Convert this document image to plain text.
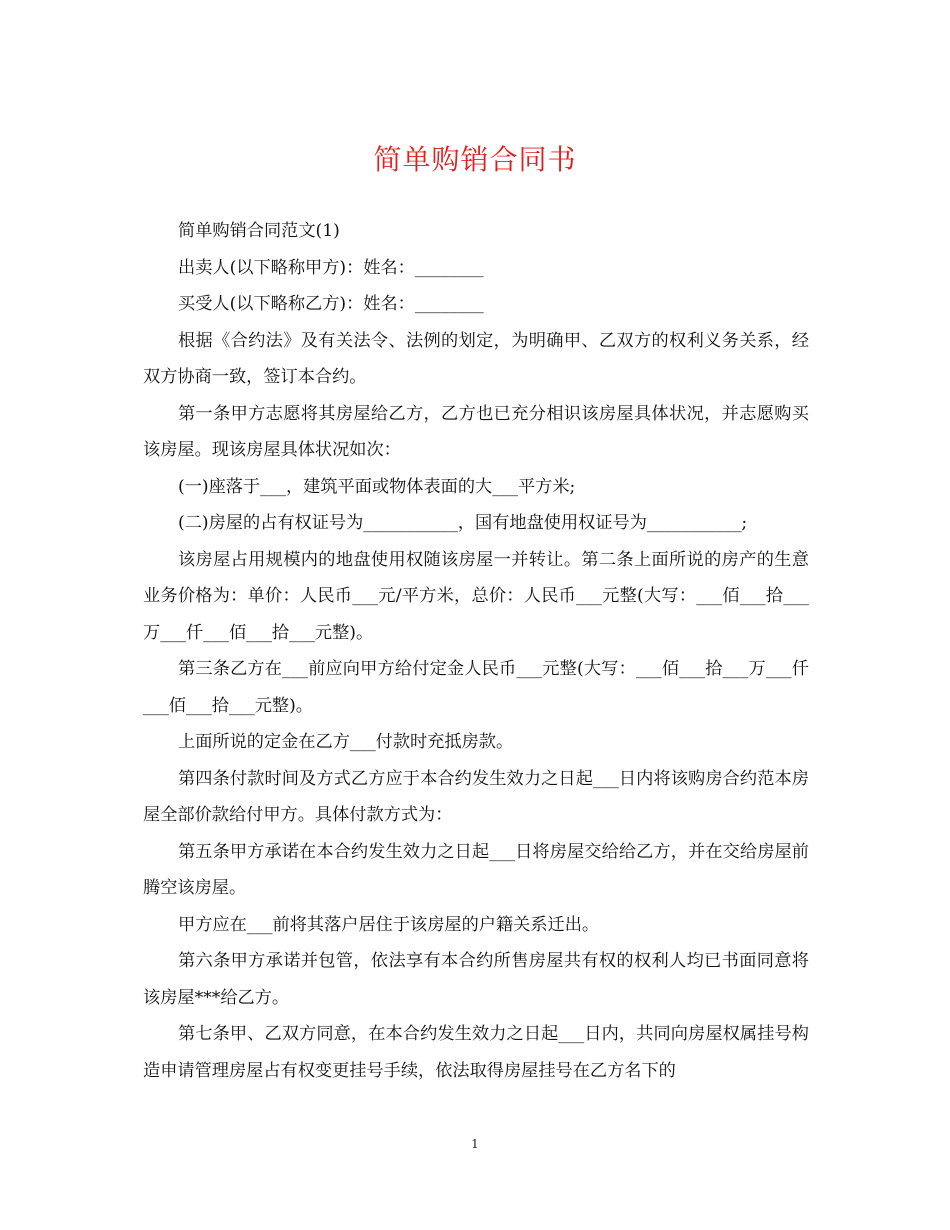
简单购销合同书

简单购销合同范文(1)

出卖人(以下略称甲方)：姓名：________

买受人(以下略称乙方)：姓名：________

根据《合约法》及有关法令、法例的划定，为明确甲、乙双方的权利义务关系，经双方协商一致，签订本合约。

第一条甲方志愿将其房屋给乙方，乙方也已充分相识该房屋具体状况，并志愿购买该房屋。现该房屋具体状况如次：

(一)座落于___，建筑平面或物体表面的大___平方米;

(二)房屋的占有权证号为___________，国有地盘使用权证号为___________;

该房屋占用规模内的地盘使用权随该房屋一并转让。第二条上面所说的房产的生意业务价格为：单价：人民币___元/平方米，总价：人民币___元整(大写：___佰___拾___万___仟___佰___拾___元整)。

第三条乙方在___前应向甲方给付定金人民币___元整(大写：___佰___拾___万___仟___佰___拾___元整)。

上面所说的定金在乙方___付款时充抵房款。

第四条付款时间及方式乙方应于本合约发生效力之日起___日内将该购房合约范本房屋全部价款给付甲方。具体付款方式为：

第五条甲方承诺在本合约发生效力之日起___日将房屋交给给乙方，并在交给房屋前腾空该房屋。

甲方应在___前将其落户居住于该房屋的户籍关系迁出。

第六条甲方承诺并包管，依法享有本合约所售房屋共有权的权利人均已书面同意将该房屋***给乙方。

第七条甲、乙双方同意，在本合约发生效力之日起___日内，共同向房屋权属挂号构造申请管理房屋占有权变更挂号手续，依法取得房屋挂号在乙方名下的

1
